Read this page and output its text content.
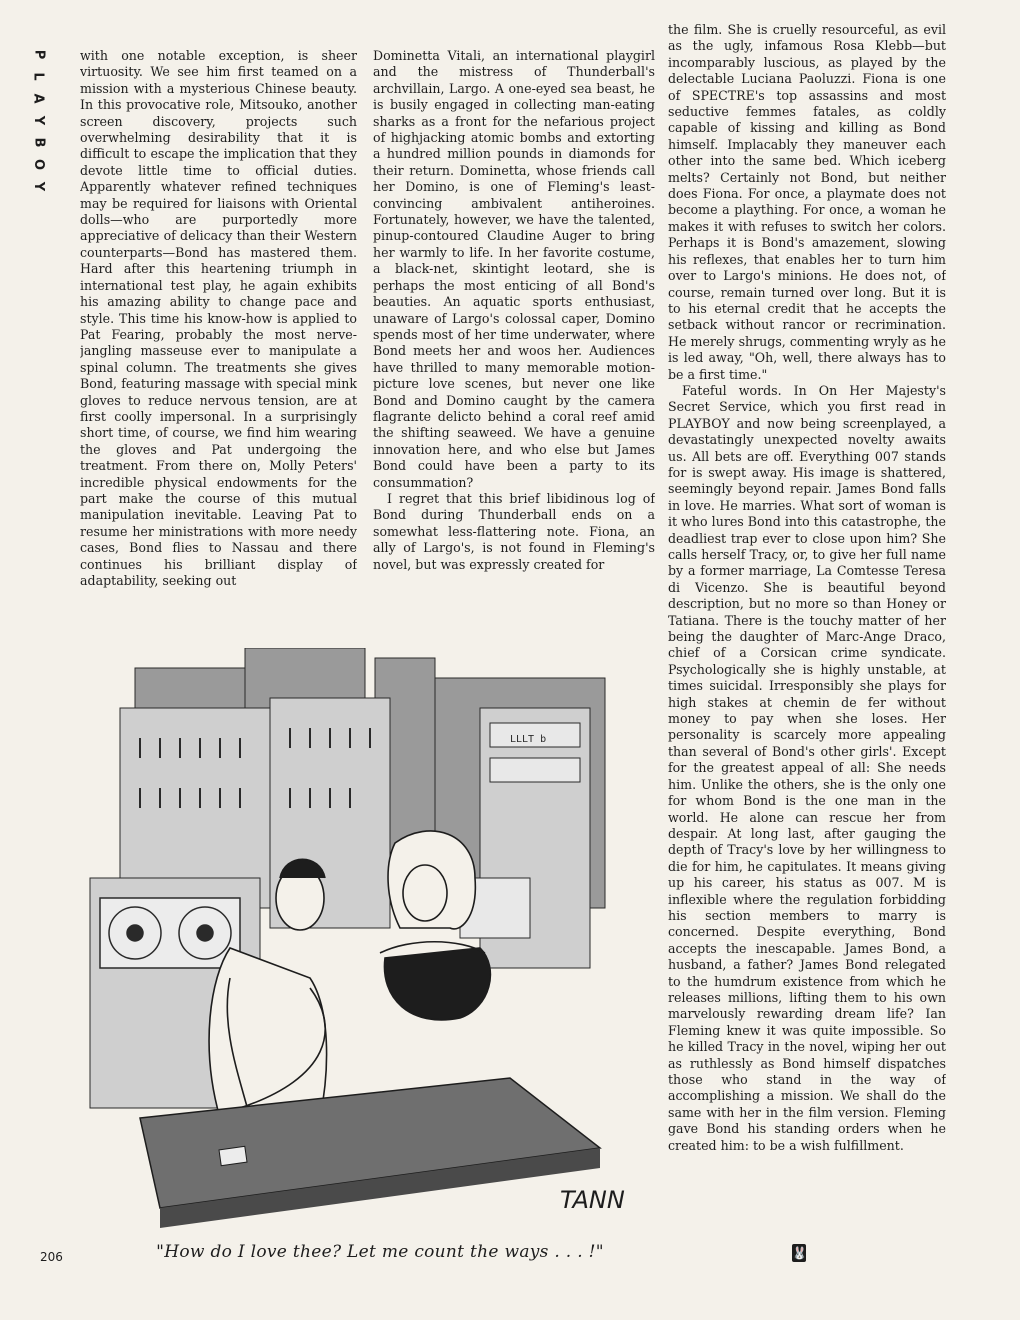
P
L
A
Y
B
O
Y

with one notable exception, is sheer virtuosity. We see him first teamed on a mission with a mysterious Chinese beauty. In this provocative role, Mitsouko, another screen discovery, projects such overwhelming desirability that it is difficult to escape the implication that they devote little time to official duties. Apparently whatever refined techniques may be required for liaisons with Oriental dolls—who are purportedly more appreciative of delicacy than their Western counterparts—Bond has mastered them. Hard after this heartening triumph in international test play, he again exhibits his amazing ability to change pace and style. This time his know-how is applied to Pat Fearing, probably the most nerve-jangling masseuse ever to manipulate a spinal column. The treatments she gives Bond, featuring massage with special mink gloves to reduce nervous tension, are at first coolly impersonal. In a surprisingly short time, of course, we find him wearing the gloves and Pat undergoing the treatment. From there on, Molly Peters' incredible physical endowments for the part make the course of this mutual manipulation inevitable. Leaving Pat to resume her ministrations with more needy cases, Bond flies to Nassau and there continues his brilliant display of adaptability, seeking out

Dominetta Vitali, an international playgirl and the mistress of Thunderball's archvillain, Largo. A one-eyed sea beast, he is busily engaged in collecting man-eating sharks as a front for the nefarious project of highjacking atomic bombs and extorting a hundred million pounds in diamonds for their return. Dominetta, whose friends call her Domino, is one of Fleming's least-convincing ambivalent antiheroines. Fortunately, however, we have the talented, pinup-contoured Claudine Auger to bring her warmly to life. In her favorite costume, a black-net, skintight leotard, she is perhaps the most enticing of all Bond's beauties. An aquatic sports enthusiast, unaware of Largo's colossal caper, Domino spends most of her time underwater, where Bond meets her and woos her. Audiences have thrilled to many memorable motion-picture love scenes, but never one like Bond and Domino caught by the camera flagrante delicto behind a coral reef amid the shifting seaweed. We have a genuine innovation here, and who else but James Bond could have been a party to its consummation?

I regret that this brief libidinous log of Bond during Thunderball ends on a somewhat less-flattering note. Fiona, an ally of Largo's, is not found in Fleming's novel, but was expressly created for

the film. She is cruelly resourceful, as evil as the ugly, infamous Rosa Klebb—but incomparably luscious, as played by the delectable Luciana Paoluzzi. Fiona is one of SPECTRE's top assassins and most seductive femmes fatales, as coldly capable of kissing and killing as Bond himself. Implacably they maneuver each other into the same bed. Which iceberg melts? Certainly not Bond, but neither does Fiona. For once, a playmate does not become a plaything. For once, a woman he makes it with refuses to switch her colors. Perhaps it is Bond's amazement, slowing his reflexes, that enables her to turn him over to Largo's minions. He does not, of course, remain turned over long. But it is to his eternal credit that he accepts the setback without rancor or recrimination. He merely shrugs, commenting wryly as he is led away, "Oh, well, there always has to be a first time."

Fateful words. In On Her Majesty's Secret Service, which you first read in PLAYBOY and now being screenplayed, a devastatingly unexpected novelty awaits us. All bets are off. Everything 007 stands for is swept away. His image is shattered, seemingly beyond repair. James Bond falls in love. He marries. What sort of woman is it who lures Bond into this catastrophe, the deadliest trap ever to close upon him? She calls herself Tracy, or, to give her full name by a former marriage, La Comtesse Teresa di Vicenzo. She is beautiful beyond description, but no more so than Honey or Tatiana. There is the touchy matter of her being the daughter of Marc-Ange Draco, chief of a Corsican crime syndicate. Psychologically she is highly unstable, at times suicidal. Irresponsibly she plays for high stakes at chemin de fer without money to pay when she loses. Her personality is scarcely more appealing than several of Bond's other girls'. Except for the greatest appeal of all: She needs him. Unlike the others, she is the only one for whom Bond is the one man in the world. He alone can rescue her from despair. At long last, after gauging the depth of Tracy's love by her willingness to die for him, he capitulates. It means giving up his career, his status as 007. M is inflexible where the regulation forbidding his section members to marry is concerned. Despite everything, Bond accepts the inescapable. James Bond, a husband, a father? James Bond relegated to the humdrum existence from which he releases millions, lifting them to his own marvelously rewarding dream life? Ian Fleming knew it was quite impossible. So he killed Tracy in the novel, wiping her out as ruthlessly as Bond himself dispatches those who stand in the way of accomplishing a mission. We shall do the same with her in the film version. Fleming gave Bond his standing orders when he created him: to be a wish fulfillment.

LLLT b
TANN
"How do I love thee? Let me count the ways . . . !"
206	🐰
